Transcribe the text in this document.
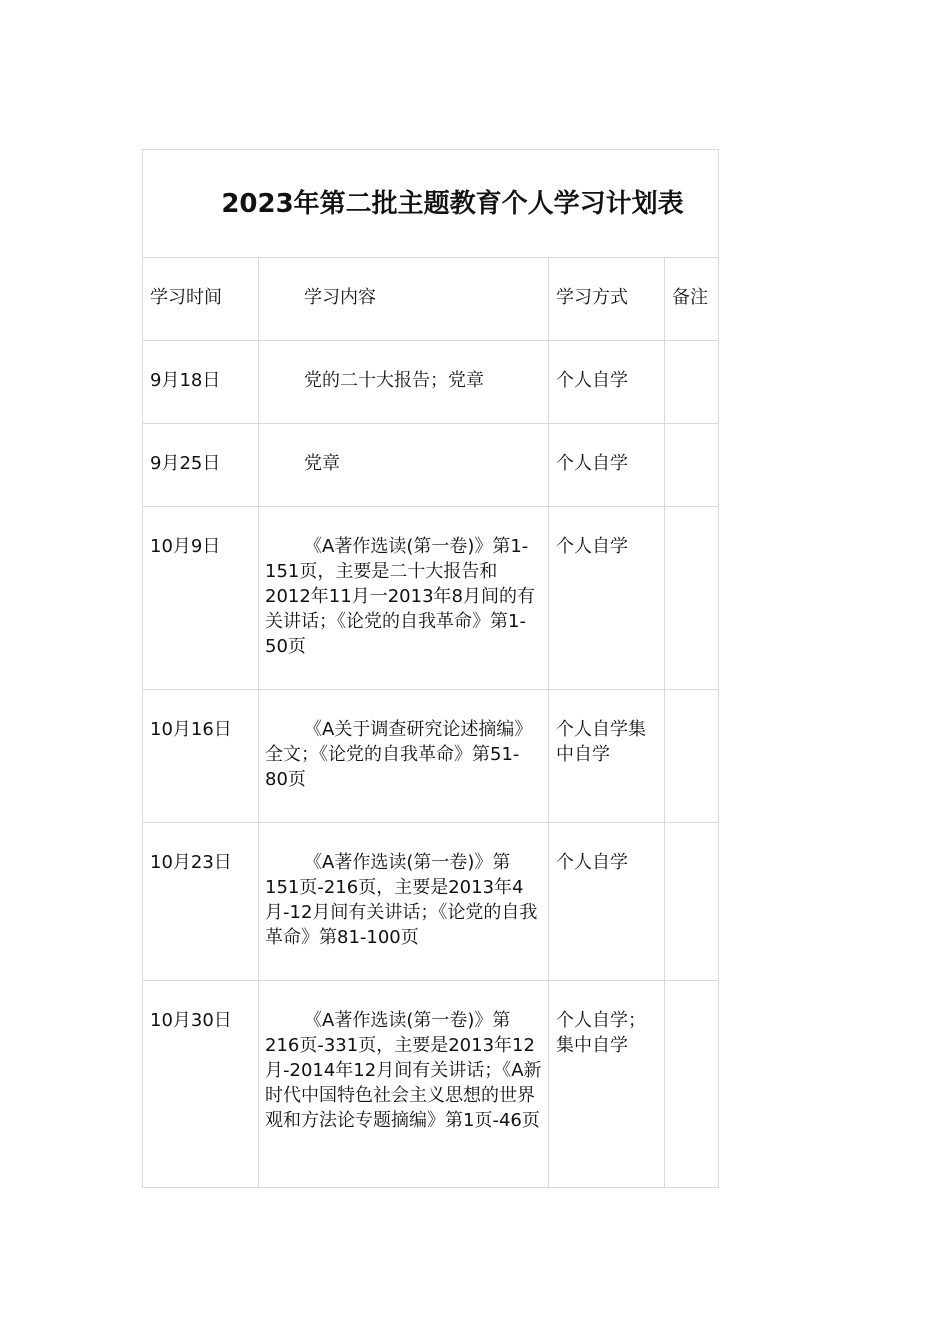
2023年第二批主题教育个人学习计划表			

学习时间	学习内容	学习方式	备注

9月18日	党的二十大报告；党章	个人自学	

9月25日	党章	个人自学	

10月9日	《A著作选读(第一卷)》第1-151页，主要是二十大报告和2012年11月一2013年8月间的有关讲话；《论党的自我革命》第1-50页	个人自学	

10月16日	《A关于调查研究论述摘编》全文；《论党的自我革命》第51-80页	个人自学集中自学	

10月23日	《A著作选读(第一卷)》第151页-216页，主要是2013年4月-12月间有关讲话；《论党的自我革命》第81-100页	个人自学	

10月30日	《A著作选读(第一卷)》第216页-331页，主要是2013年12月-2014年12月间有关讲话；《A新时代中国特色社会主义思想的世界观和方法论专题摘编》第1页-46页	个人自学；集中自学	
